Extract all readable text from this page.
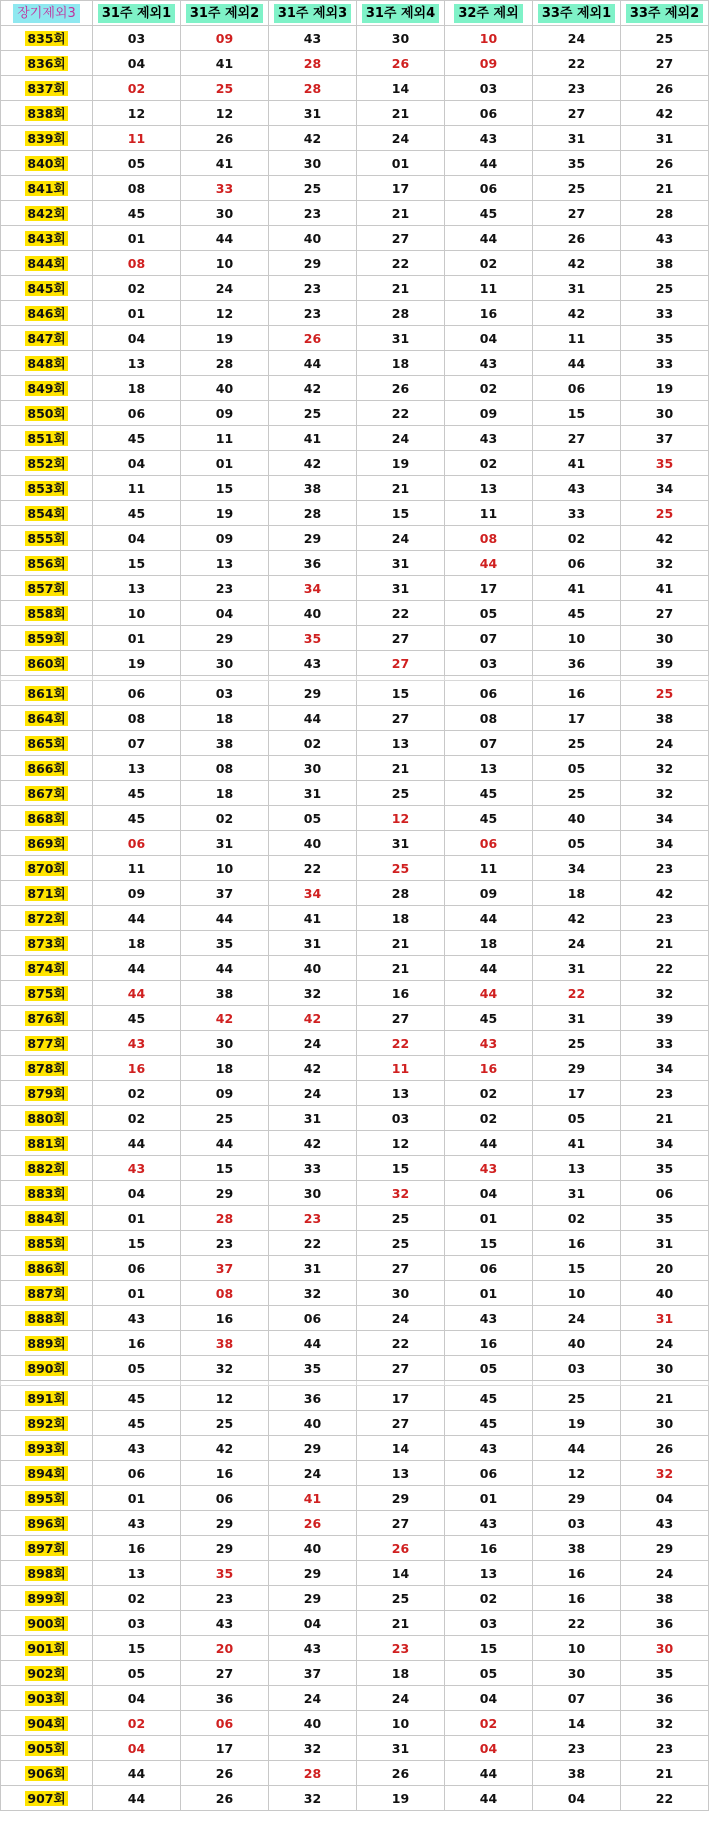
장기제외3	31주 제외1	31주 제외2	31주 제외3	31주 제외4	32주 제외	33주 제외1	33주 제외2
835회	03	09	43	30	10	24	25
836회	04	41	28	26	09	22	27
837회	02	25	28	14	03	23	26
838회	12	12	31	21	06	27	42
839회	11	26	42	24	43	31	31
840회	05	41	30	01	44	35	26
841회	08	33	25	17	06	25	21
842회	45	30	23	21	45	27	28
843회	01	44	40	27	44	26	43
844회	08	10	29	22	02	42	38
845회	02	24	23	21	11	31	25
846회	01	12	23	28	16	42	33
847회	04	19	26	31	04	11	35
848회	13	28	44	18	43	44	33
849회	18	40	42	26	02	06	19
850회	06	09	25	22	09	15	30
851회	45	11	41	24	43	27	37
852회	04	01	42	19	02	41	35
853회	11	15	38	21	13	43	34
854회	45	19	28	15	11	33	25
855회	04	09	29	24	08	02	42
856회	15	13	36	31	44	06	32
857회	13	23	34	31	17	41	41
858회	10	04	40	22	05	45	27
859회	01	29	35	27	07	10	30
860회	19	30	43	27	03	36	39

861회	06	03	29	15	06	16	25
864회	08	18	44	27	08	17	38
865회	07	38	02	13	07	25	24
866회	13	08	30	21	13	05	32
867회	45	18	31	25	45	25	32
868회	45	02	05	12	45	40	34
869회	06	31	40	31	06	05	34
870회	11	10	22	25	11	34	23
871회	09	37	34	28	09	18	42
872회	44	44	41	18	44	42	23
873회	18	35	31	21	18	24	21
874회	44	44	40	21	44	31	22
875회	44	38	32	16	44	22	32
876회	45	42	42	27	45	31	39
877회	43	30	24	22	43	25	33
878회	16	18	42	11	16	29	34
879회	02	09	24	13	02	17	23
880회	02	25	31	03	02	05	21
881회	44	44	42	12	44	41	34
882회	43	15	33	15	43	13	35
883회	04	29	30	32	04	31	06
884회	01	28	23	25	01	02	35
885회	15	23	22	25	15	16	31
886회	06	37	31	27	06	15	20
887회	01	08	32	30	01	10	40
888회	43	16	06	24	43	24	31
889회	16	38	44	22	16	40	24
890회	05	32	35	27	05	03	30

891회	45	12	36	17	45	25	21
892회	45	25	40	27	45	19	30
893회	43	42	29	14	43	44	26
894회	06	16	24	13	06	12	32
895회	01	06	41	29	01	29	04
896회	43	29	26	27	43	03	43
897회	16	29	40	26	16	38	29
898회	13	35	29	14	13	16	24
899회	02	23	29	25	02	16	38
900회	03	43	04	21	03	22	36
901회	15	20	43	23	15	10	30
902회	05	27	37	18	05	30	35
903회	04	36	24	24	04	07	36
904회	02	06	40	10	02	14	32
905회	04	17	32	31	04	23	23
906회	44	26	28	26	44	38	21
907회	44	26	32	19	44	04	22
